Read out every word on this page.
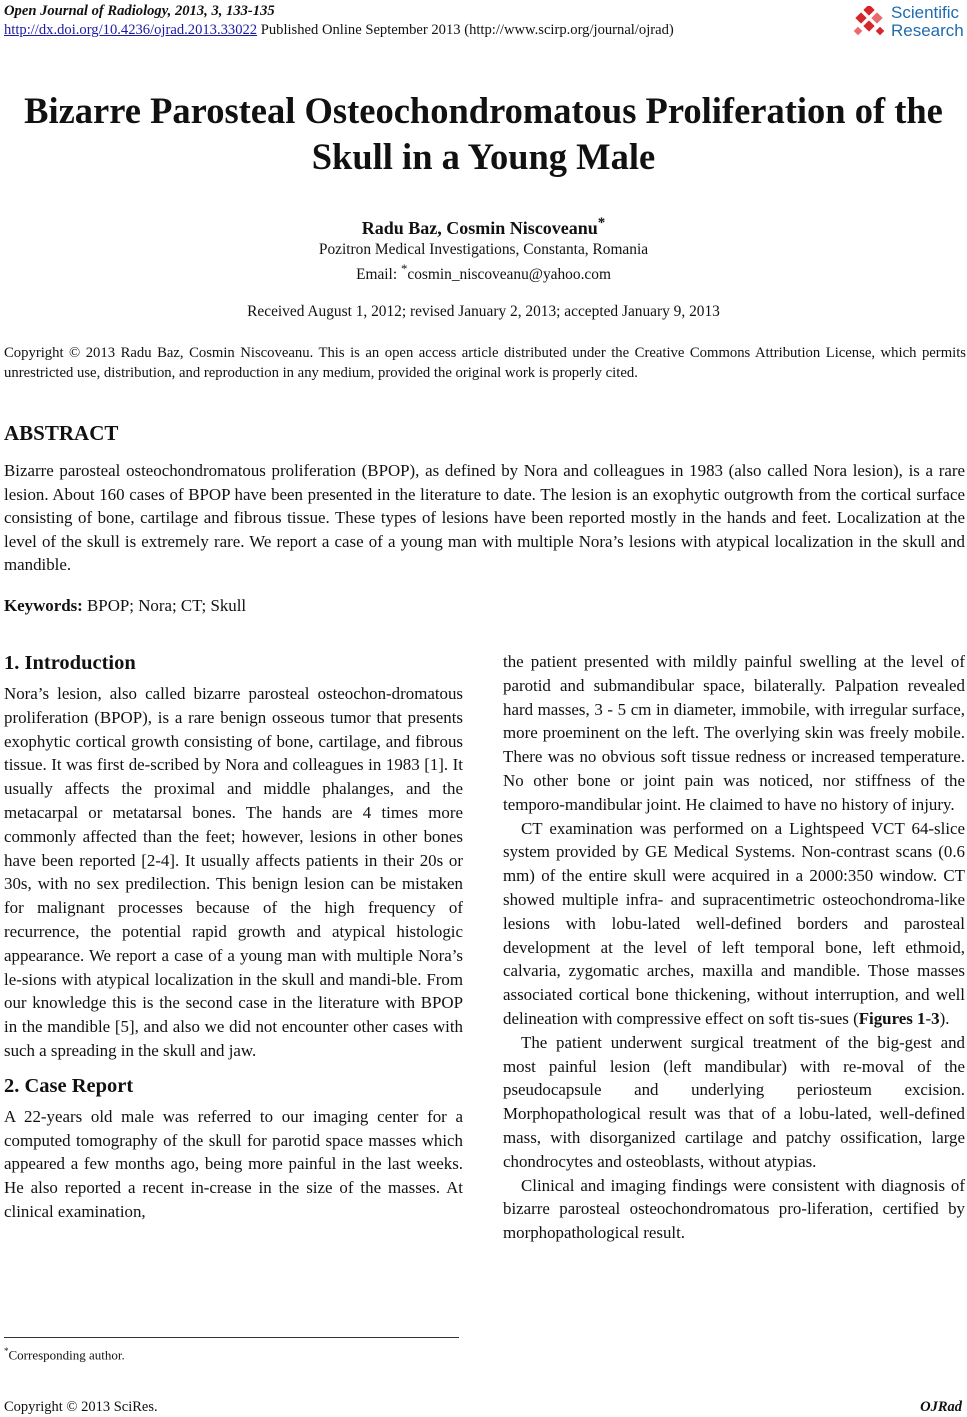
Open Journal of Radiology, 2013, 3, 133-135
http://dx.doi.org/10.4236/ojrad.2013.33022 Published Online September 2013 (http://www.scirp.org/journal/ojrad)
Scientific
Research
Bizarre Parosteal Osteochondromatous Proliferation of the Skull in a Young Male
Radu Baz, Cosmin Niscoveanu*
Pozitron Medical Investigations, Constanta, Romania
Email: *cosmin_niscoveanu@yahoo.com
Received August 1, 2012; revised January 2, 2013; accepted January 9, 2013
Copyright © 2013 Radu Baz, Cosmin Niscoveanu. This is an open access article distributed under the Creative Commons Attribution License, which permits unrestricted use, distribution, and reproduction in any medium, provided the original work is properly cited.
ABSTRACT

Bizarre parosteal osteochondromatous proliferation (BPOP), as defined by Nora and colleagues in 1983 (also called Nora lesion), is a rare lesion. About 160 cases of BPOP have been presented in the literature to date. The lesion is an exophytic outgrowth from the cortical surface consisting of bone, cartilage and fibrous tissue. These types of lesions have been reported mostly in the hands and feet. Localization at the level of the skull is extremely rare. We report a case of a young man with multiple Nora’s lesions with atypical localization in the skull and mandible.

Keywords: BPOP; Nora; CT; Skull
1. Introduction

Nora’s lesion, also called bizarre parosteal osteochon-dromatous proliferation (BPOP), is a rare benign osseous tumor that presents exophytic cortical growth consisting of bone, cartilage, and fibrous tissue. It was first de-scribed by Nora and colleagues in 1983 [1]. It usually affects the proximal and middle phalanges, and the metacarpal or metatarsal bones. The hands are 4 times more commonly affected than the feet; however, lesions in other bones have been reported [2-4]. It usually affects patients in their 20s or 30s, with no sex predilection. This benign lesion can be mistaken for malignant processes because of the high frequency of recurrence, the potential rapid growth and atypical histologic appearance. We report a case of a young man with multiple Nora’s le-sions with atypical localization in the skull and mandi-ble. From our knowledge this is the second case in the literature with BPOP in the mandible [5], and also we did not encounter other cases with such a spreading in the skull and jaw.

2. Case Report

A 22-years old male was referred to our imaging center for a computed tomography of the skull for parotid space masses which appeared a few months ago, being more painful in the last weeks. He also reported a recent in-crease in the size of the masses. At clinical examination,

the patient presented with mildly painful swelling at the level of parotid and submandibular space, bilaterally. Palpation revealed hard masses, 3 - 5 cm in diameter, immobile, with irregular surface, more proeminent on the left. The overlying skin was freely mobile. There was no obvious soft tissue redness or increased temperature. No other bone or joint pain was noticed, nor stiffness of the temporo-mandibular joint. He claimed to have no history of injury.

CT examination was performed on a Lightspeed VCT 64-slice system provided by GE Medical Systems. Non-contrast scans (0.6 mm) of the entire skull were acquired in a 2000:350 window. CT showed multiple infra- and supracentimetric osteochondroma-like lesions with lobu-lated well-defined borders and parosteal development at the level of left temporal bone, left ethmoid, calvaria, zygomatic arches, maxilla and mandible. Those masses associated cortical bone thickening, without interruption, and well delineation with compressive effect on soft tis-sues (Figures 1-3).

The patient underwent surgical treatment of the big-gest and most painful lesion (left mandibular) with re-moval of the pseudocapsule and underlying periosteum excision. Morphopathological result was that of a lobu-lated, well-defined mass, with disorganized cartilage and patchy ossification, large chondrocytes and osteoblasts, without atypias.

Clinical and imaging findings were consistent with diagnosis of bizarre parosteal osteochondromatous pro-liferation, certified by morphopathological result.

*Corresponding author.
Copyright © 2013 SciRes.	OJRad
